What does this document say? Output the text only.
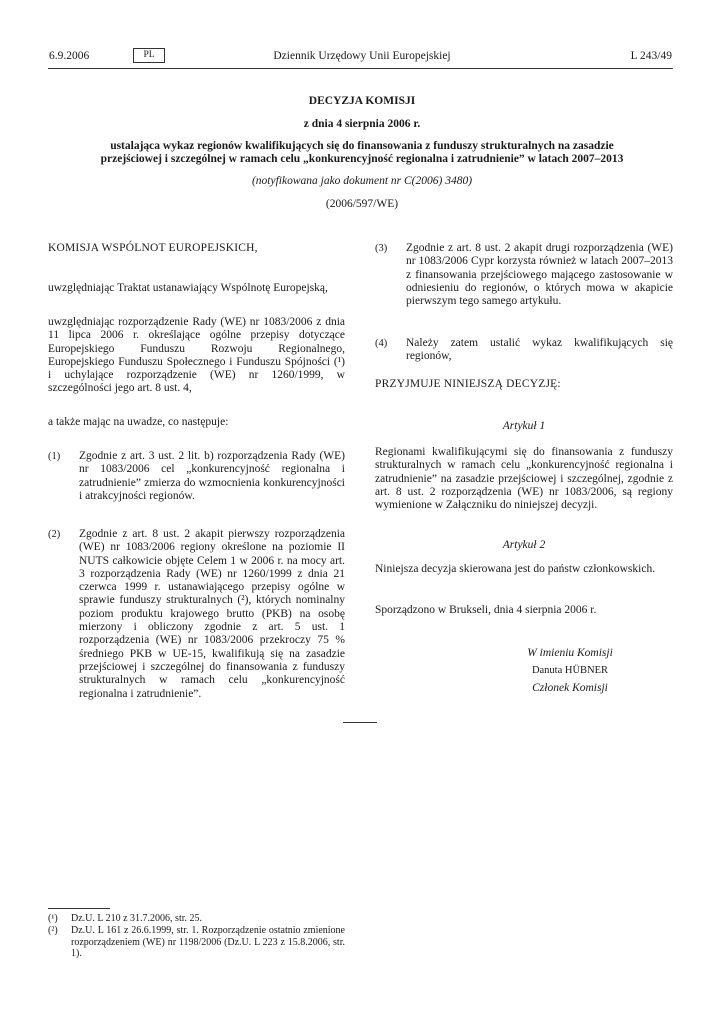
6.9.2006	PL	Dziennik Urzędowy Unii Europejskiej	L 243/49

DECYZJA KOMISJI

z dnia 4 sierpnia 2006 r.

ustalająca wykaz regionów kwalifikujących się do finansowania z funduszy strukturalnych na zasadzie przejściowej i szczególnej w ramach celu „konkurencyjność regionalna i zatrudnienie” w latach 2007–2013

(notyfikowana jako dokument nr C(2006) 3480)

(2006/597/WE)

KOMISJA WSPÓLNOT EUROPEJSKICH,

uwzględniając Traktat ustanawiający Wspólnotę Europejską,

uwzględniając rozporządzenie Rady (WE) nr 1083/2006 z dnia 11 lipca 2006 r. określające ogólne przepisy dotyczące Europejskiego Funduszu Rozwoju Regionalnego, Europejskiego Funduszu Społecznego i Funduszu Spójności (¹) i uchylające rozporządzenie (WE) nr 1260/1999, w szczególności jego art. 8 ust. 4,

a także mając na uwadze, co następuje:

(1) Zgodnie z art. 3 ust. 2 lit. b) rozporządzenia Rady (WE) nr 1083/2006 cel „konkurencyjność regionalna i zatrudnienie” zmierza do wzmocnienia konkurencyjności i atrakcyjności regionów.

(2) Zgodnie z art. 8 ust. 2 akapit pierwszy rozporządzenia (WE) nr 1083/2006 regiony określone na poziomie II NUTS całkowicie objęte Celem 1 w 2006 r. na mocy art. 3 rozporządzenia Rady (WE) nr 1260/1999 z dnia 21 czerwca 1999 r. ustanawiającego przepisy ogólne w sprawie funduszy strukturalnych (²), których nominalny poziom produktu krajowego brutto (PKB) na osobę mierzony i obliczony zgodnie z art. 5 ust. 1 rozporządzenia (WE) nr 1083/2006 przekroczy 75 % średniego PKB w UE-15, kwalifikują się na zasadzie przejściowej i szczególnej do finansowania z funduszy strukturalnych w ramach celu „konkurencyjność regionalna i zatrudnienie”.

(3) Zgodnie z art. 8 ust. 2 akapit drugi rozporządzenia (WE) nr 1083/2006 Cypr korzysta również w latach 2007–2013 z finansowania przejściowego mającego zastosowanie w odniesieniu do regionów, o których mowa w akapicie pierwszym tego samego artykułu.

(4) Należy zatem ustalić wykaz kwalifikujących się regionów,

PRZYJMUJE NINIEJSZĄ DECYZJĘ:

Artykuł 1

Regionami kwalifikującymi się do finansowania z funduszy strukturalnych w ramach celu „konkurencyjność regionalna i zatrudnienie” na zasadzie przejściowej i szczególnej, zgodnie z art. 8 ust. 2 rozporządzenia (WE) nr 1083/2006, są regiony wymienione w Załączniku do niniejszej decyzji.

Artykuł 2

Niniejsza decyzja skierowana jest do państw członkowskich.

Sporządzono w Brukseli, dnia 4 sierpnia 2006 r.

W imieniu Komisji

Danuta HÜBNER

Członek Komisji

(¹) Dz.U. L 210 z 31.7.2006, str. 25.

(²) Dz.U. L 161 z 26.6.1999, str. 1. Rozporządzenie ostatnio zmienione rozporządzeniem (WE) nr 1198/2006 (Dz.U. L 223 z 15.8.2006, str. 1).
